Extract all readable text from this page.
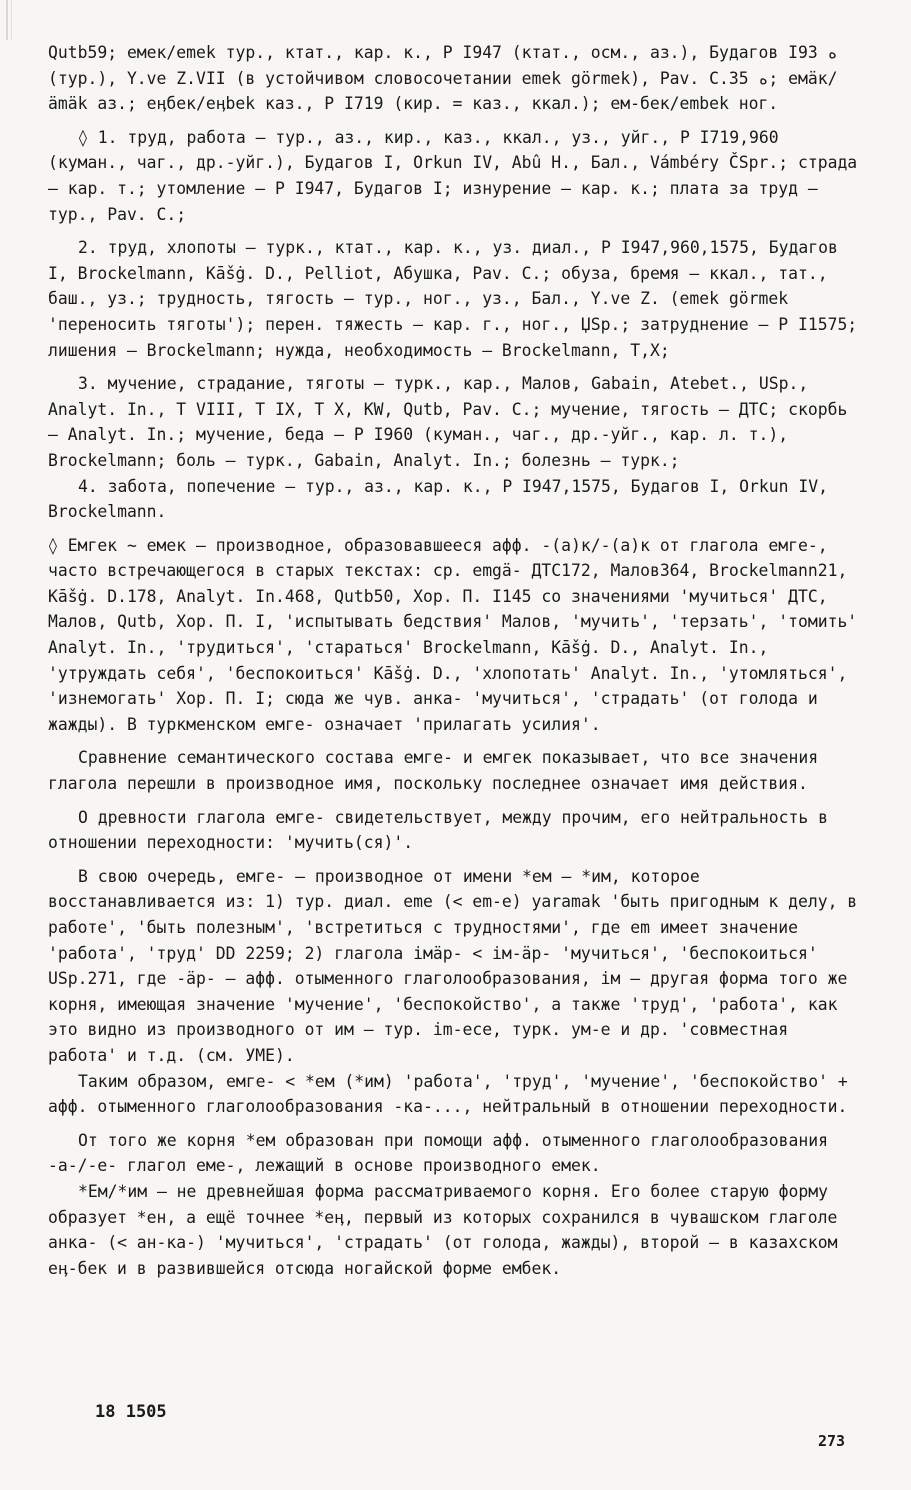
Qutb59; емек/emek тур., ктат., кар. к., Р I947 (ктат., осм., аз.), Будагов I93 ه (тур.), Y.ve Z.VII (в устойчивом словосочетании emek görmek), Pav. C.35 ه; емӓк/ämäk аз.; еӊбек/eӊbek каз., Р I719 (кир. = каз., ккал.); ем-бек/embek ног.

◊ 1. труд, работа – тур., аз., кир., каз., ккал., уз., уйг., Р I719,960 (куман., чаг., др.-уйг.), Будагов I, Orkun IV, Abû H., Бал., Vámbéry ČSpr.; страда – кар. т.; утомление – Р I947, Будагов I; изнурение – кар. к.; плата за труд – тур., Pav. C.;

2. труд, хлопоты – турк., ктат., кар. к., уз. диал., Р I947,960,1575, Будагов I, Brockelmann, Kāšġ. D., Pelliot, Абушка, Pav. C.; обуза, бремя – ккал., тат., баш., уз.; трудность, тягость – тур., ног., уз., Бал., Y.ve Z. (emek görmek 'переносить тяготы'); перен. тяжесть – кар. г., ног., ЏSp.; затруднение – Р I1575; лишения – Brockelmann; нужда, необходимость – Brockelmann, T,X;

3. мучение, страдание, тяготы – турк., кар., Малов, Gabain, Atebet., USp., Analyt. In., T VIII, T IX, T X, KW, Qutb, Pav. C.; мучение, тягость – ДТС; скорбь – Analyt. In.; мучение, беда – Р I960 (куман., чаг., др.-уйг., кар. л. т.), Brockelmann; боль – турк., Gabain, Analyt. In.; болезнь – турк.;

4. забота, попечение – тур., аз., кар. к., Р I947,1575, Будагов I, Orkun IV, Brockelmann.

◊ Емгек ~ емек – производное, образовавшееся афф. -(а)к/-(а)к от глагола емге-, часто встречающегося в старых текстах: ср. emgä- ДТС172, Малов364, Brockelmann21, Kāšġ. D.178, Analyt. In.468, Qutb50, Хор. П. I145 со значениями 'мучиться' ДТС, Малов, Qutb, Хор. П. I, 'испытывать бедствия' Малов, 'мучить', 'терзать', 'томить' Analyt. In., 'трудиться', 'стараться' Brockelmann, Kāšġ. D., Analyt. In., 'утруждать себя', 'беспокоиться' Kāšġ. D., 'хлопотать' Analyt. In., 'утомляться', 'изнемогать' Хор. П. I; сюда же чув. анка- 'мучиться', 'страдать' (от голода и жажды). В туркменском емге- означает 'прилагать усилия'.

Сравнение семантического состава емге- и емгек показывает, что все значения глагола перешли в производное имя, поскольку последнее означает имя действия.

О древности глагола емге- свидетельствует, между прочим, его нейтральность в отношении переходности: 'мучить(ся)'.

В свою очередь, емге- – производное от имени *ем – *им, которое восстанавливается из: 1) тур. диал. eme (< em-e) yaramak 'быть пригодным к делу, в работе', 'быть полезным', 'встретиться с трудностями', где em имеет значение 'работа', 'труд' DD 2259; 2) глагола імӓр- < ім-ӓр- 'мучиться', 'беспокоиться' USp.271, где -ӓр- – афф. отыменного глаголообразования, ім – другая форма того же корня, имеющая значение 'мучение', 'беспокойство', а также 'труд', 'работа', как это видно из производного от им – тур. im-ece, турк. ум-е и др. 'совместная работа' и т.д. (см. УМЕ).

Таким образом, емге- < *ем (*им) 'работа', 'труд', 'мучение', 'беспокойство' + афф. отыменного глаголообразования -ка-..., нейтральный в отношении переходности.

От того же корня *ем образован при помощи афф. отыменного глаголообразования -а-/-е- глагол еме-, лежащий в основе производного емек.

*Ем/*им – не древнейшая форма рассматриваемого корня. Его более старую форму образует *ен, а ещё точнее *еӊ, первый из которых сохранился в чувашском глаголе анка- (< ан-ка-) 'мучиться', 'страдать' (от голода, жажды), второй – в казахском еӊ-бек и в развившейся отсюда ногайской форме ембек.

18 1505
273
